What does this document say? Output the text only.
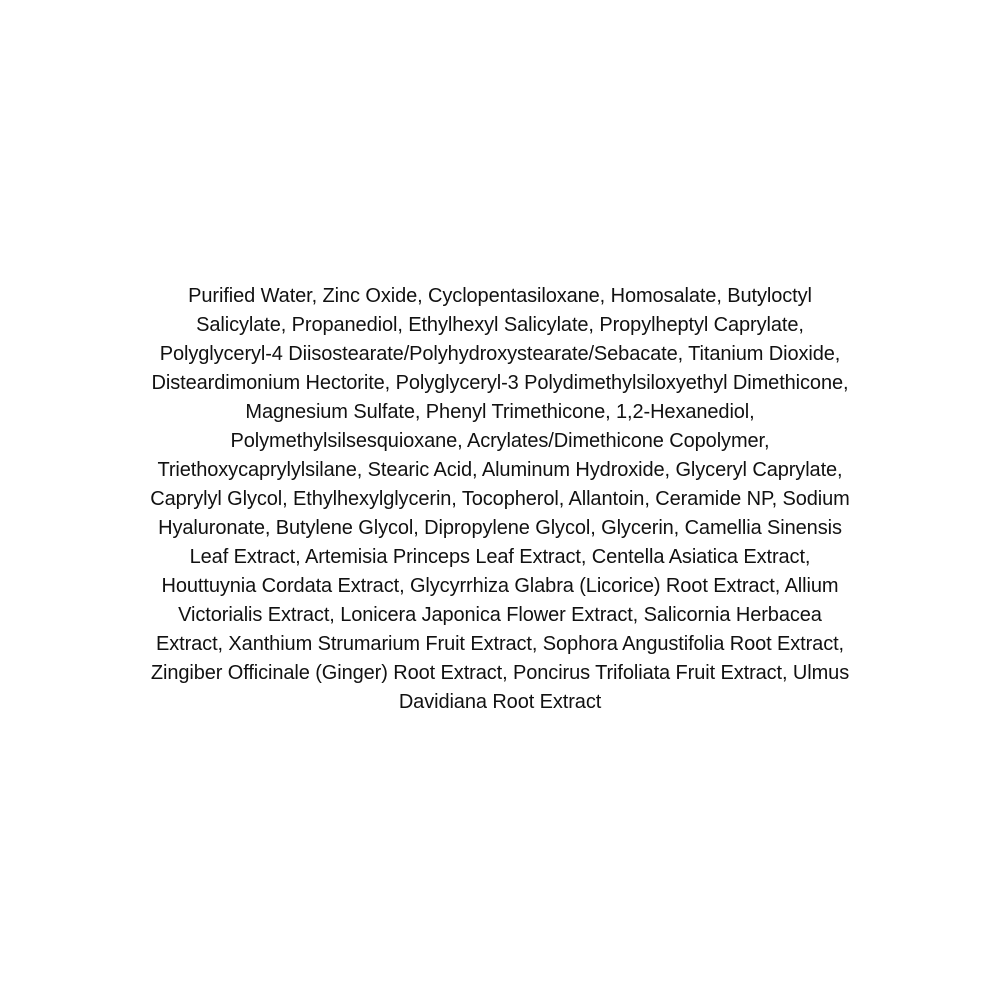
Purified Water, Zinc Oxide, Cyclopentasiloxane, Homosalate, Butyloctyl
Salicylate, Propanediol, Ethylhexyl Salicylate, Propylheptyl Caprylate,
Polyglyceryl-4 Diisostearate/Polyhydroxystearate/Sebacate, Titanium Dioxide,
Disteardimonium Hectorite, Polyglyceryl-3 Polydimethylsiloxyethyl Dimethicone,
Magnesium Sulfate, Phenyl Trimethicone, 1,2-Hexanediol,
Polymethylsilsesquioxane, Acrylates/Dimethicone Copolymer,
Triethoxycaprylylsilane, Stearic Acid, Aluminum Hydroxide, Glyceryl Caprylate,
Caprylyl Glycol, Ethylhexylglycerin, Tocopherol, Allantoin, Ceramide NP, Sodium
Hyaluronate, Butylene Glycol, Dipropylene Glycol, Glycerin, Camellia Sinensis
Leaf Extract, Artemisia Princeps Leaf Extract, Centella Asiatica Extract,
Houttuynia Cordata Extract, Glycyrrhiza Glabra (Licorice) Root Extract, Allium
Victorialis Extract, Lonicera Japonica Flower Extract, Salicornia Herbacea
Extract, Xanthium Strumarium Fruit Extract, Sophora Angustifolia Root Extract,
Zingiber Officinale (Ginger) Root Extract, Poncirus Trifoliata Fruit Extract, Ulmus
Davidiana Root Extract
